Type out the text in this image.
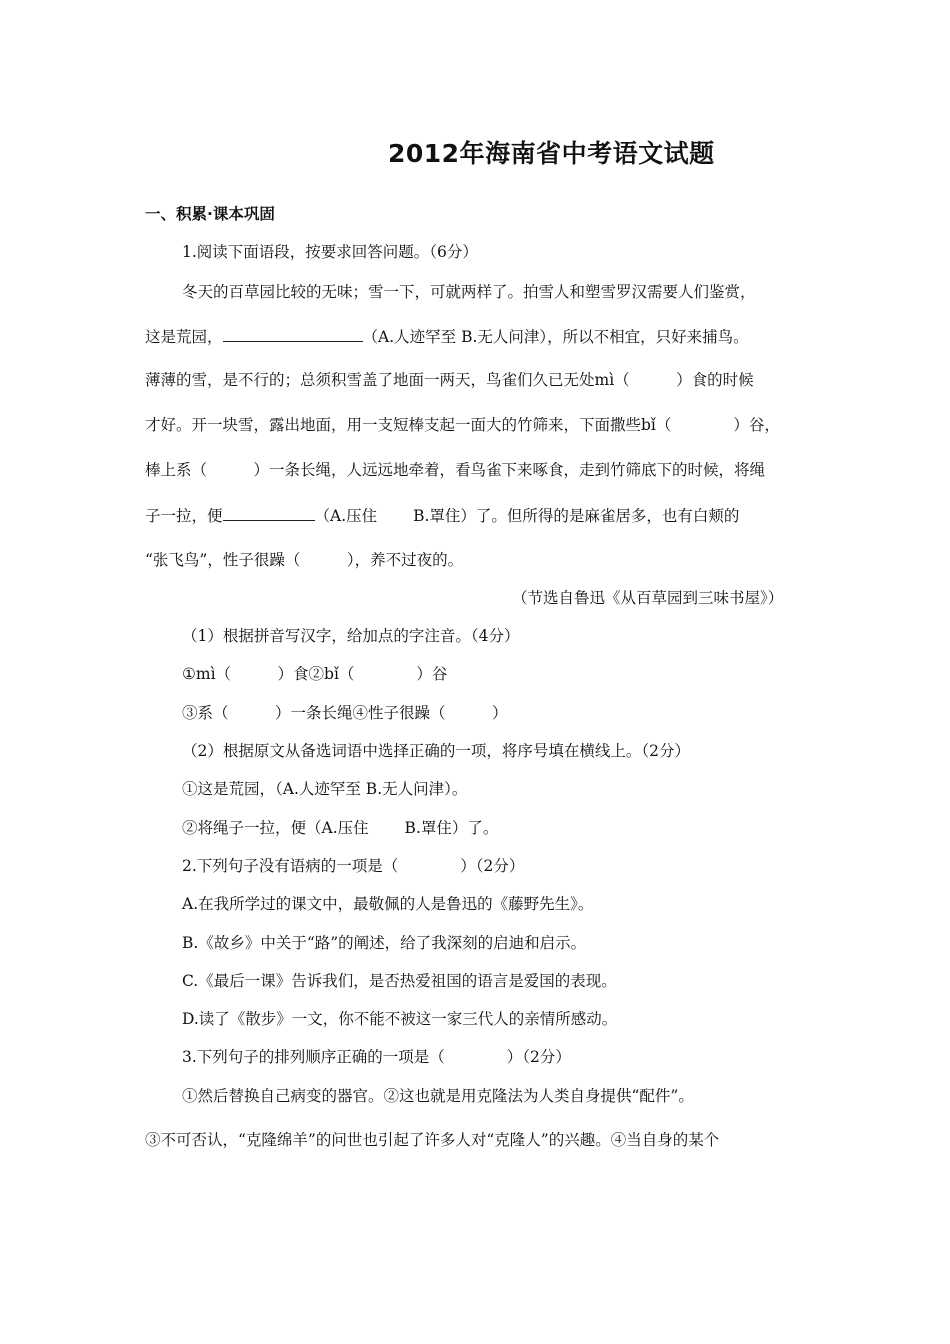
2012年海南省中考语文试题
一、积累·课本巩固
1.阅读下面语段，按要求回答问题。（6分）
冬天的百草园比较的无味；雪一下，可就两样了。拍雪人和塑雪罗汉需要人们鉴赏，
这是荒园，	（A.人迹罕至 B.无人问津），所以不相宜，只好来捕鸟。
薄薄的雪，是不行的；总须积雪盖了地面一两天，鸟雀们久已无处mì（　　　）食的时候
才好。开一块雪，露出地面，用一支短棒支起一面大的竹筛来，下面撒些bǐ（　　　　）谷，
棒上系（　　　）一条长绳，人远远地牵着，看鸟雀下来啄食，走到竹筛底下的时候，将绳
子一拉，便	（A.压住　　 B.罩住）了。但所得的是麻雀居多，也有白颊的
“张飞鸟”，性子很躁（　　　），养不过夜的。
（节选自鲁迅《从百草园到三味书屋》）
（1）根据拼音写汉字，给加点的字注音。（4分）
①mì（　　　）食②bǐ（　　　　）谷
③系（　　　）一条长绳④性子很躁（　　　）
（2）根据原文从备选词语中选择正确的一项，将序号填在横线上。（2分）
①这是荒园，（A.人迹罕至 B.无人问津）。
②将绳子一拉，便（A.压住　　 B.罩住）了。
2.下列句子没有语病的一项是（　　　　）（2分）
A.在我所学过的课文中，最敬佩的人是鲁迅的《藤野先生》。
B.《故乡》中关于“路”的阐述，给了我深刻的启迪和启示。
C.《最后一课》告诉我们，是否热爱祖国的语言是爱国的表现。
D.读了《散步》一文，你不能不被这一家三代人的亲情所感动。
3.下列句子的排列顺序正确的一项是（　　　　）（2分）
①然后替换自己病变的器官。②这也就是用克隆法为人类自身提供“配件”。
③不可否认，“克隆绵羊”的问世也引起了许多人对“克隆人”的兴趣。④当自身的某个
